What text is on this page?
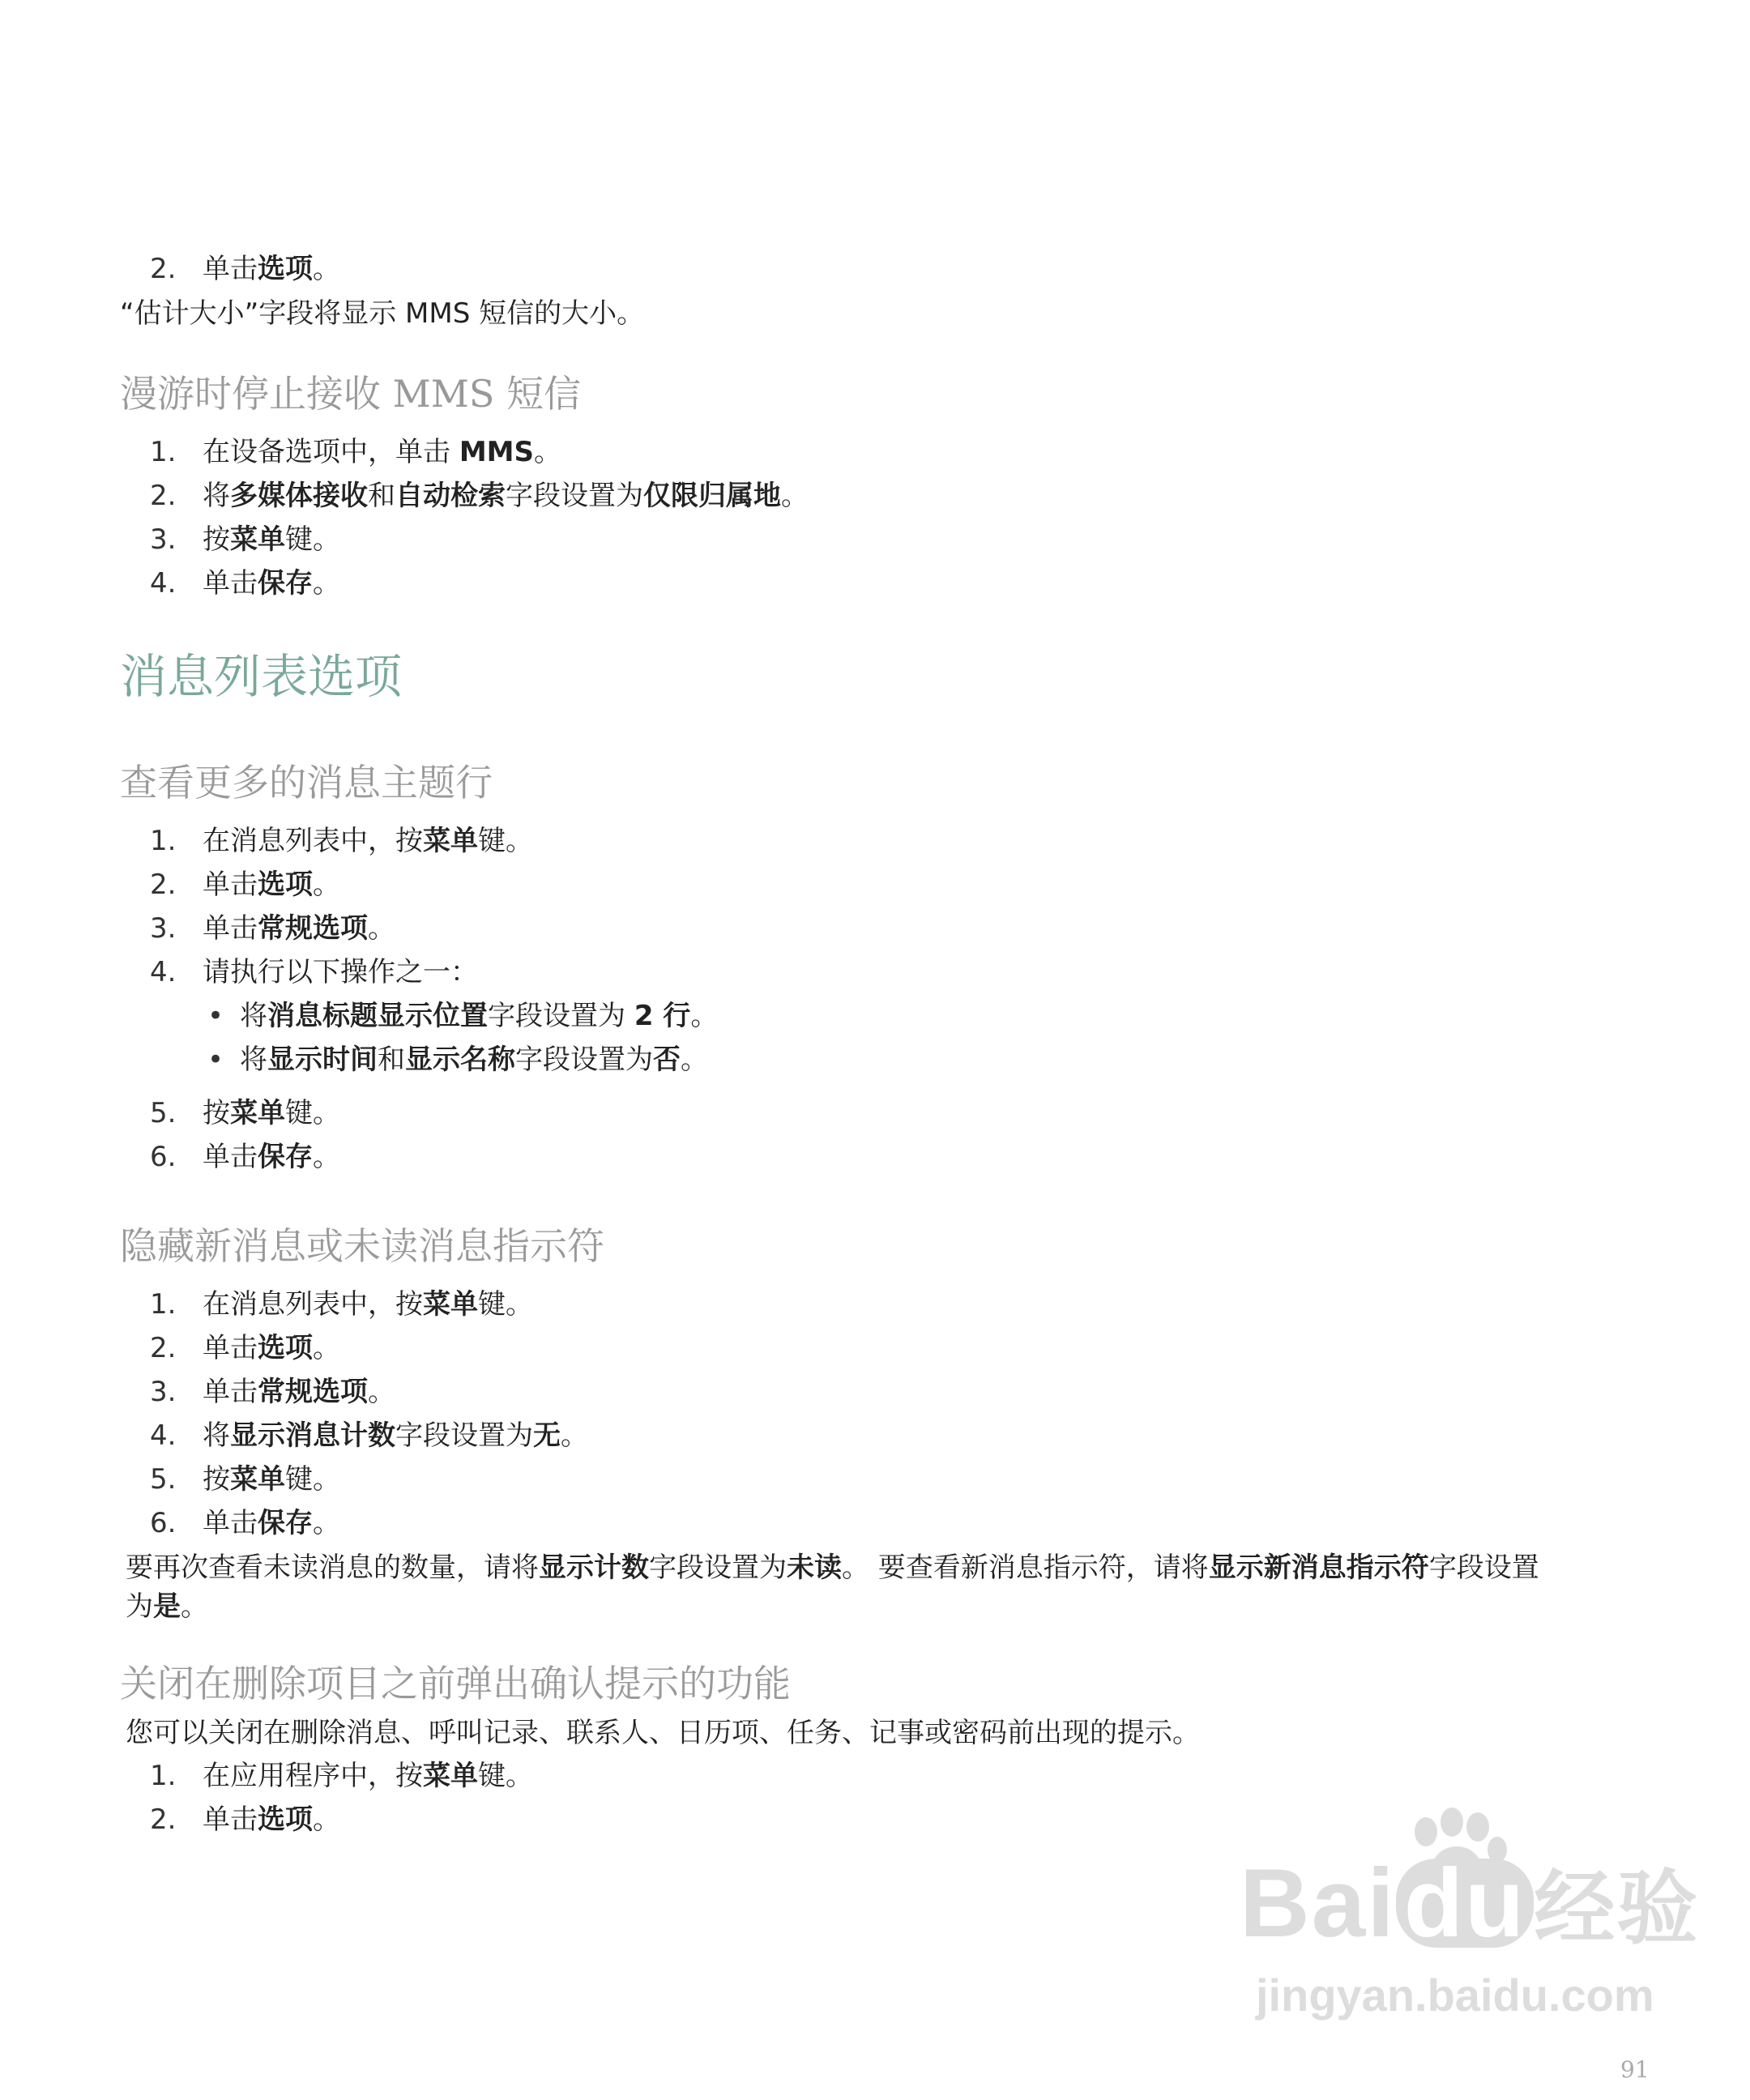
2. 单击选项。
“估计大小”字段将显示 MMS 短信的大小。
漫游时停止接收 MMS 短信
1. 在设备选项中，单击 MMS。
2. 将多媒体接收和自动检索字段设置为仅限归属地。
3. 按菜单键。
4. 单击保存。
消息列表选项
查看更多的消息主题行
1. 在消息列表中，按菜单键。
2. 单击选项。
3. 单击常规选项。
4. 请执行以下操作之一：
• 将消息标题显示位置字段设置为 2 行。
• 将显示时间和显示名称字段设置为否。
5. 按菜单键。
6. 单击保存。
隐藏新消息或未读消息指示符
1. 在消息列表中，按菜单键。
2. 单击选项。
3. 单击常规选项。
4. 将显示消息计数字段设置为无。
5. 按菜单键。
6. 单击保存。
要再次查看未读消息的数量，请将显示计数字段设置为未读。 要查看新消息指示符，请将显示新消息指示符字段设置
为是。
关闭在删除项目之前弹出确认提示的功能
您可以关闭在删除消息、呼叫记录、联系人、日历项、任务、记事或密码前出现的提示。
1. 在应用程序中，按菜单键。
2. 单击选项。
Baidu 经验
jingyan.baidu.com
91
